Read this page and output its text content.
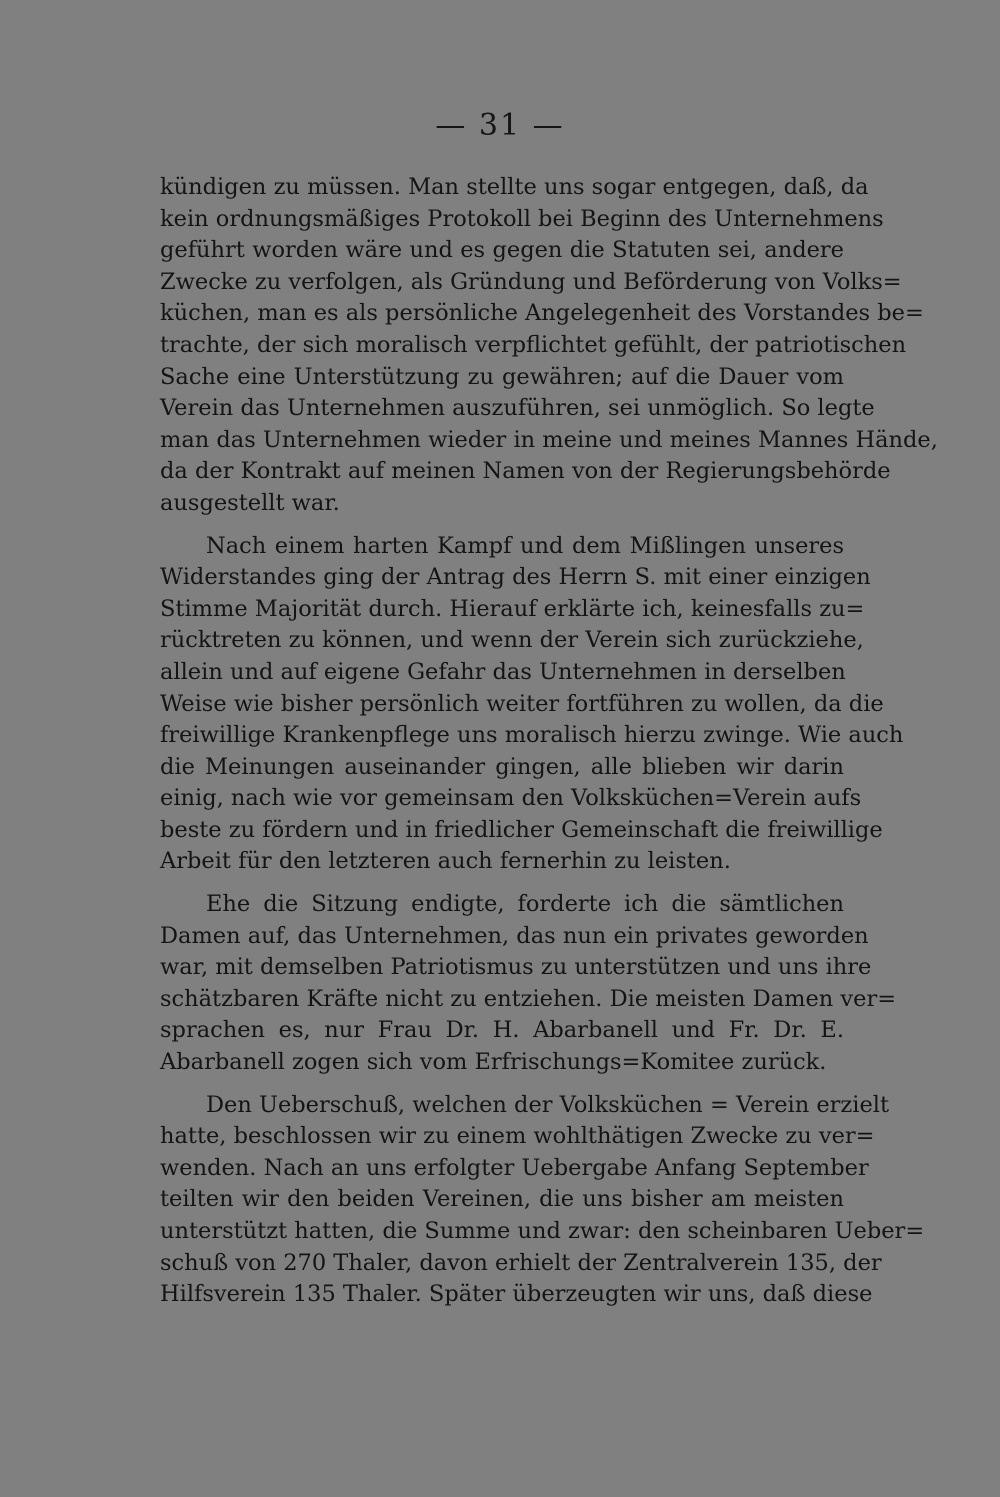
— 31 —
kündigen zu müssen. Man stellte uns sogar entgegen, daß, da
kein ordnungsmäßiges Protokoll bei Beginn des Unternehmens
geführt worden wäre und es gegen die Statuten sei, andere
Zwecke zu verfolgen, als Gründung und Beförderung von Volks=
küchen, man es als persönliche Angelegenheit des Vorstandes be=
trachte, der sich moralisch verpflichtet gefühlt, der patriotischen
Sache eine Unterstützung zu gewähren; auf die Dauer vom
Verein das Unternehmen auszuführen, sei unmöglich. So legte
man das Unternehmen wieder in meine und meines Mannes Hände,
da der Kontrakt auf meinen Namen von der Regierungsbehörde
ausgestellt war.
Nach einem harten Kampf und dem Mißlingen unseres
Widerstandes ging der Antrag des Herrn S. mit einer einzigen
Stimme Majorität durch. Hierauf erklärte ich, keinesfalls zu=
rücktreten zu können, und wenn der Verein sich zurückziehe,
allein und auf eigene Gefahr das Unternehmen in derselben
Weise wie bisher persönlich weiter fortführen zu wollen, da die
freiwillige Krankenpflege uns moralisch hierzu zwinge. Wie auch
die Meinungen auseinander gingen, alle blieben wir darin
einig, nach wie vor gemeinsam den Volksküchen=Verein aufs
beste zu fördern und in friedlicher Gemeinschaft die freiwillige
Arbeit für den letzteren auch fernerhin zu leisten.
Ehe die Sitzung endigte, forderte ich die sämtlichen
Damen auf, das Unternehmen, das nun ein privates geworden
war, mit demselben Patriotismus zu unterstützen und uns ihre
schätzbaren Kräfte nicht zu entziehen. Die meisten Damen ver=
sprachen es, nur Frau Dr. H. Abarbanell und Fr. Dr. E.
Abarbanell zogen sich vom Erfrischungs=Komitee zurück.
Den Ueberschuß, welchen der Volksküchen = Verein erzielt
hatte, beschlossen wir zu einem wohlthätigen Zwecke zu ver=
wenden. Nach an uns erfolgter Uebergabe Anfang September
teilten wir den beiden Vereinen, die uns bisher am meisten
unterstützt hatten, die Summe und zwar: den scheinbaren Ueber=
schuß von 270 Thaler, davon erhielt der Zentralverein 135, der
Hilfsverein 135 Thaler. Später überzeugten wir uns, daß diese
